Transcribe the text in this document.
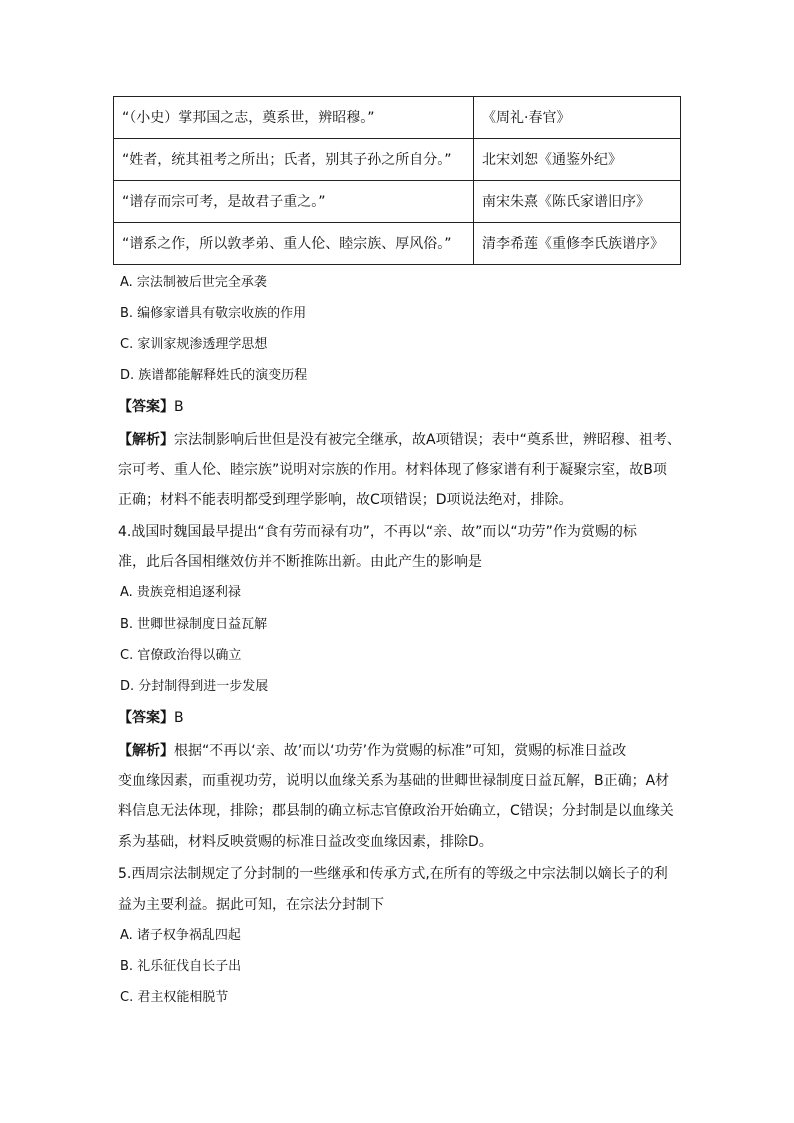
“（小史）掌邦国之志，奠系世，辨昭穆。”	《周礼·春官》
“姓者，统其祖考之所出；氏者，别其子孙之所自分。”	北宋刘恕《通鉴外纪》
“谱存而宗可考，是故君子重之。”	南宋朱熹《陈氏家谱旧序》
“谱系之作，所以敦孝弟、重人伦、睦宗族、厚风俗。”	清李希莲《重修李氏族谱序》
A. 宗法制被后世完全承袭
B. 编修家谱具有敬宗收族的作用
C. 家训家规渗透理学思想
D. 族谱都能解释姓氏的演变历程
【答案】B
【解析】宗法制影响后世但是没有被完全继承，故A项错误；表中“奠系世，辨昭穆、祖考、
宗可考、重人伦、睦宗族”说明对宗族的作用。材料体现了修家谱有利于凝聚宗室，故B项
正确；材料不能表明都受到理学影响，故C项错误；D项说法绝对，排除。
4.战国时魏国最早提出“食有劳而禄有功”，不再以“亲、故”而以“功劳”作为赏赐的标
准，此后各国相继效仿并不断推陈出新。由此产生的影响是
A. 贵族竞相追逐利禄
B. 世卿世禄制度日益瓦解
C. 官僚政治得以确立
D. 分封制得到进一步发展
【答案】B
【解析】根据“不再以‘亲、故’而以‘功劳’作为赏赐的标准”可知，赏赐的标准日益改
变血缘因素，而重视功劳，说明以血缘关系为基础的世卿世禄制度日益瓦解，B正确；A材
料信息无法体现，排除；郡县制的确立标志官僚政治开始确立，C错误；分封制是以血缘关
系为基础，材料反映赏赐的标准日益改变血缘因素，排除D。
5.西周宗法制规定了分封制的一些继承和传承方式,在所有的等级之中宗法制以嫡长子的利
益为主要利益。据此可知，在宗法分封制下
A. 诸子权争祸乱四起
B. 礼乐征伐自长子出
C. 君主权能相脱节
